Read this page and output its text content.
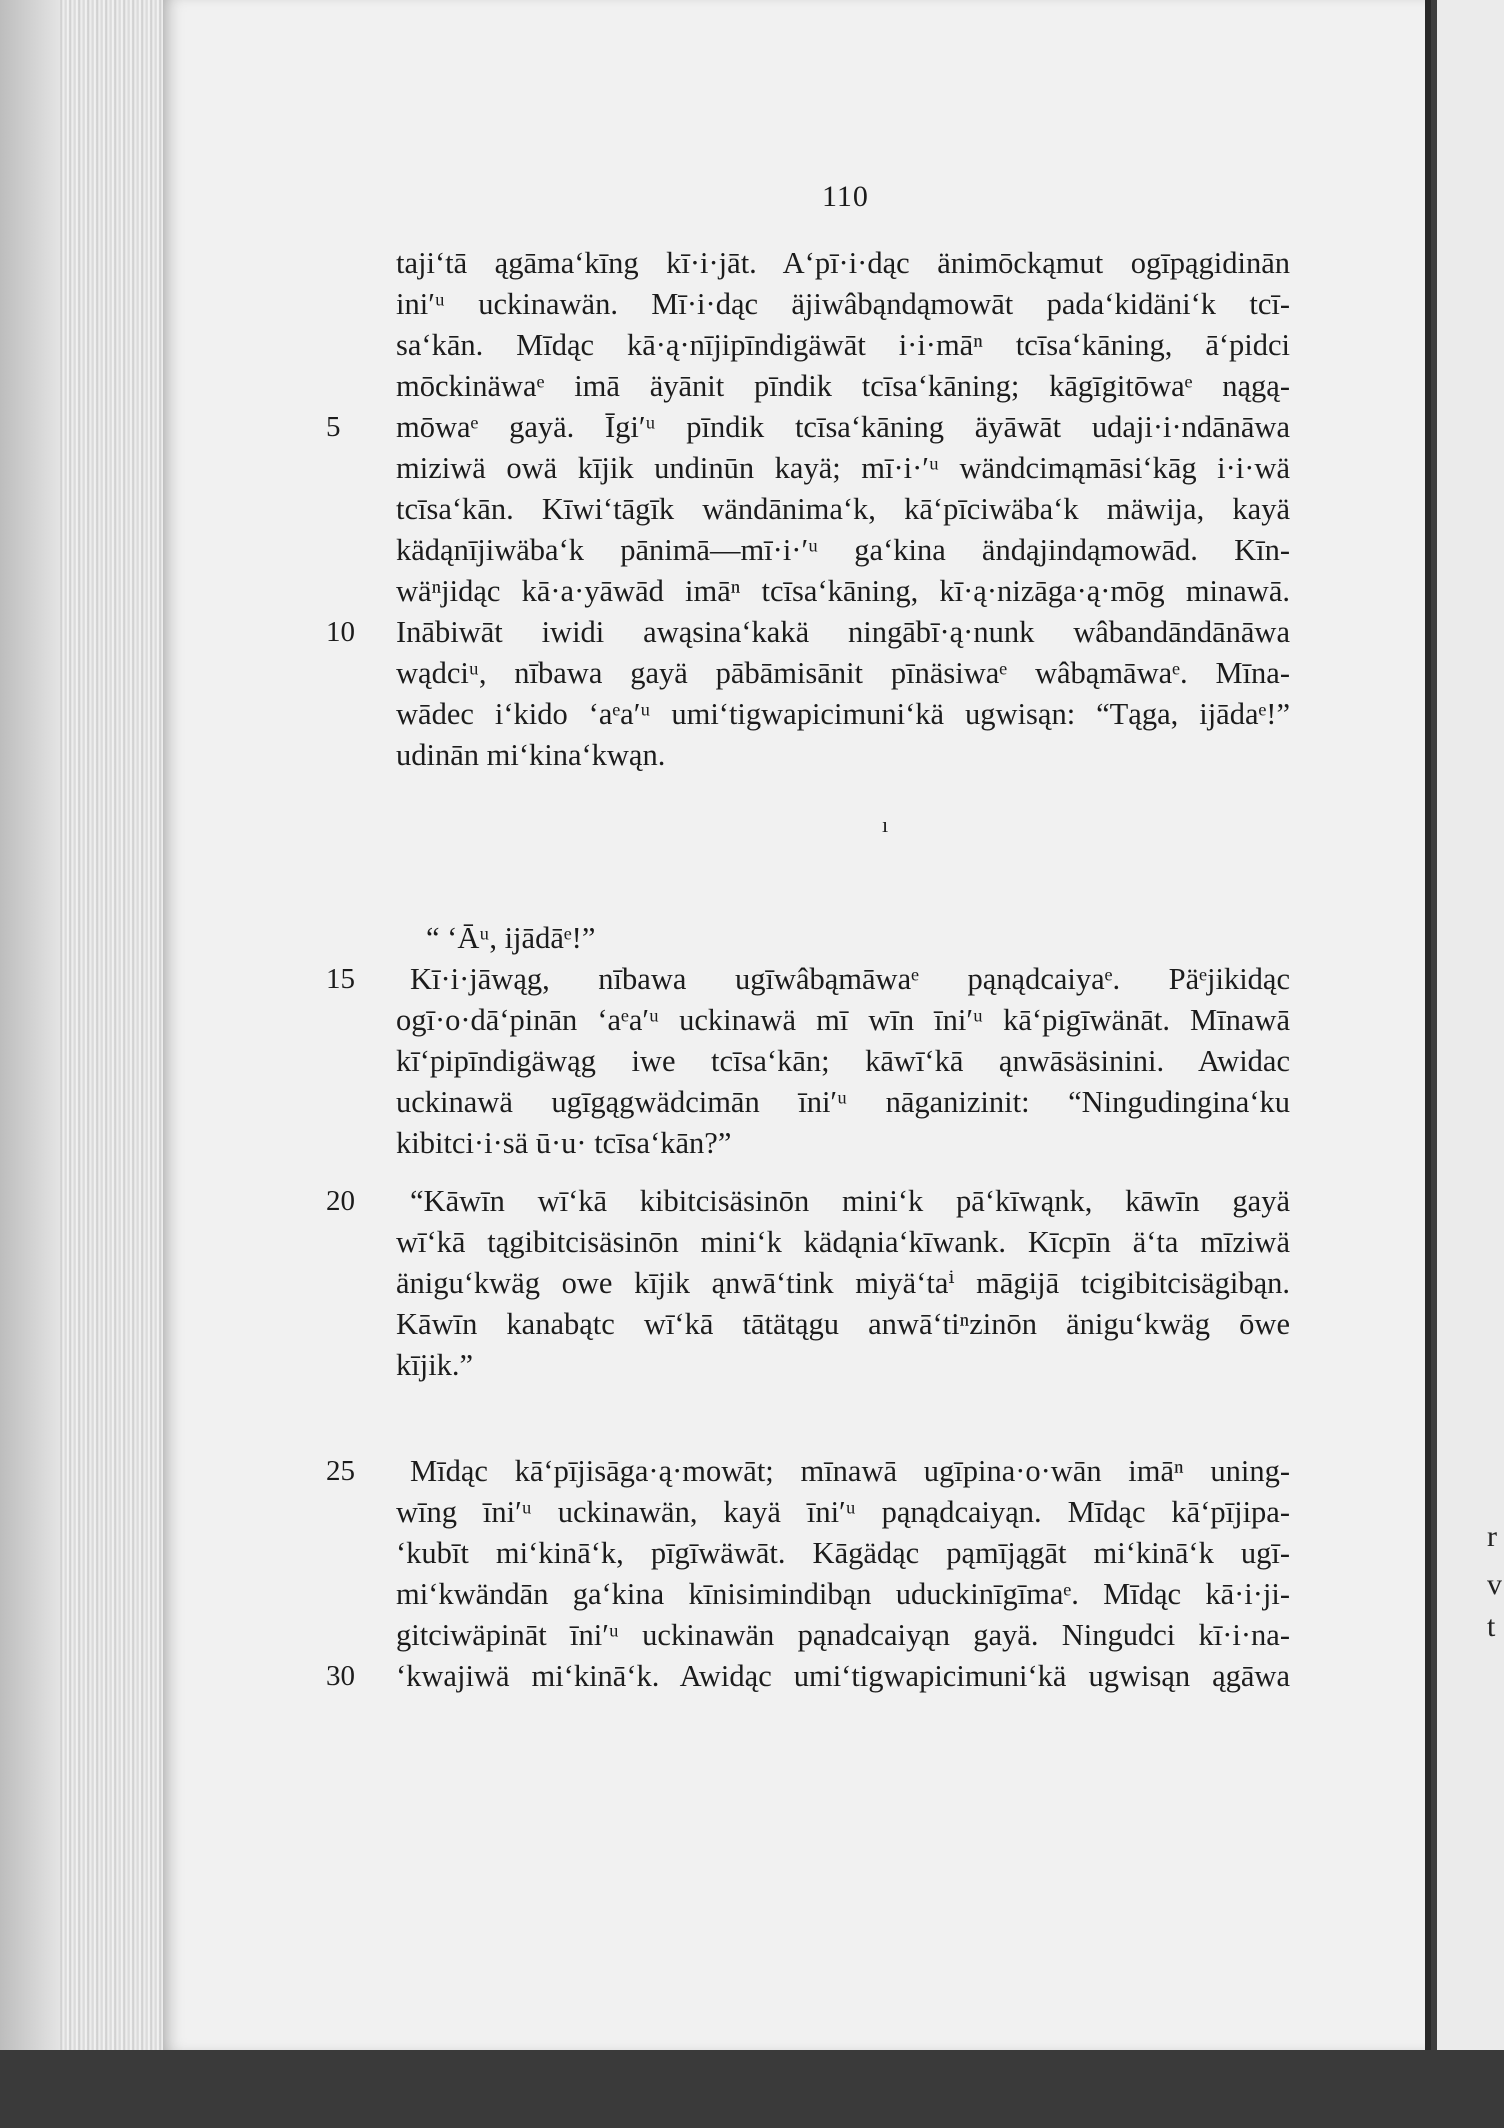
r
v
t
110
taji‘tā ągāma‘kīng kī·i·jāt. A‘pī·i·dąc änimōckąmut ogīpągidinān
ini′ᵘ uckinawän. Mī·i·dąc äjiwâbąndąmowāt pada‘kidäni‘k tcī-
sa‘kān. Mīdąc kā·ą·nījipīndigäwāt i·i·māⁿ tcīsa‘kāning, ā‘pidci
mōckinäwaᵉ imā äyānit pīndik tcīsa‘kāning; kāgīgitōwaᵉ nągą-
mōwaᵉ gayä. Īgi′ᵘ pīndik tcīsa‘kāning äyāwāt udaji·i·ndānāwa
miziwä owä kījik undinūn kayä; mī·i·′ᵘ wändcimąmāsi‘kāg i·i·wä
tcīsa‘kān. Kīwi‘tāgīk wändānima‘k, kā‘pīciwäba‘k mäwija, kayä
kädąnījiwäba‘k pānimā—mī·i·′ᵘ ga‘kina ändąjindąmowād. Kīn-
wäⁿjidąc kā·a·yāwād imāⁿ tcīsa‘kāning, kī·ą·nizāga·ą·mōg minawā.
Inābiwāt iwidi awąsina‘kakä ningābī·ą·nunk wâbandāndānāwa
wądciᵘ, nībawa gayä pābāmisānit pīnäsiwaᵉ wâbąmāwaᵉ. Mīna-
wādec i‘kido ‘aᵉa′ᵘ umi‘tigwapicimuni‘kä ugwisąn: “Tąga, ijādaᵉ!”
udinān mi‘kina‘kwąn.
“ ‘Āᵘ, ijādāᵉ!”
Kī·i·jāwąg, nībawa ugīwâbąmāwaᵉ pąnądcaiyaᵉ. Päᵉjikidąc
ogī·o·dā‘pinān ‘aᵉa′ᵘ uckinawä mī wīn īni′ᵘ kā‘pigīwänāt. Mīnawā
kī‘pipīndigäwąg iwe tcīsa‘kān; kāwī‘kā ąnwāsäsinini. Awidac
uckinawä ugīgągwädcimān īni′ᵘ nāganizinit: “Ningudingina‘ku
kibitci·i·sä ū·u· tcīsa‘kān?”
“Kāwīn wī‘kā kibitcisäsinōn mini‘k pā‘kīwąnk, kāwīn gayä
wī‘kā tągibitcisäsinōn mini‘k kädąnia‘kīwank. Kīcpīn ä‘ta mīziwä
änigu‘kwäg owe kījik ąnwā‘tink miyä‘taⁱ māgijā tcigibitcisägibąn.
Kāwīn kanabątc wī‘kā tātätągu anwā‘tiⁿzinōn änigu‘kwäg ōwe
kījik.”
Mīdąc kā‘pījisāga·ą·mowāt; mīnawā ugīpina·o·wān imāⁿ uning-
wīng īni′ᵘ uckinawän, kayä īni′ᵘ pąnądcaiyąn. Mīdąc kā‘pījipa-
‘kubīt mi‘kinā‘k, pīgīwäwāt. Kāgädąc pąmījągāt mi‘kinā‘k ugī-
mi‘kwändān ga‘kina kīnisimindibąn uduckinīgīmaᵉ. Mīdąc kā·i·ji-
gitciwäpināt īni′ᵘ uckinawän pąnadcaiyąn gayä. Ningudci kī·i·na-
‘kwajiwä mi‘kinā‘k. Awidąc umi‘tigwapicimuni‘kä ugwisąn ągāwa
5
10
15
20
25
30
ı
